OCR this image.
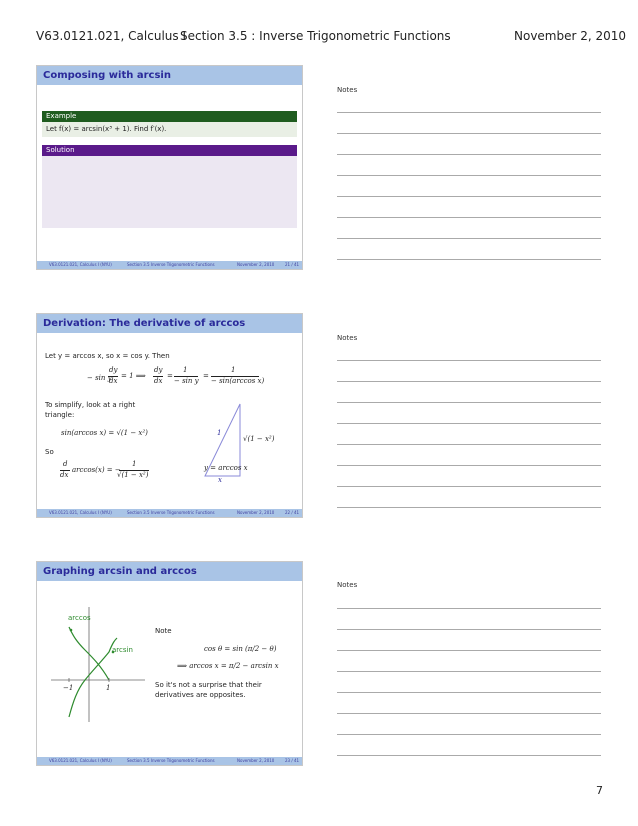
V63.0121.021, Calculus I
Section 3.5 : Inverse Trigonometric Functions	November 2, 2010
Composing with arcsin
Example
Let f(x) = arcsin(x³ + 1). Find f′(x).
Solution
V63.0121.021, Calculus I (NYU)	Section 3.5 Inverse Trigonometric Functions	November 2, 2010	21 / 41
Notes
Derivation: The derivative of arccos
Let y = arccos x, so x = cos y. Then
− sin y
dy
dx
= 1 ⟹
dy
dx
=
1
− sin y
=
1
− sin(arccos x)
To simplify, look at a right
triangle:
sin(arccos x) = √(1 − x²)
So
d
dx
arccos(x) = −
1
√(1 − x²)
1
√(1 − x²)
y = arccos x
x
V63.0121.021, Calculus I (NYU)	Section 3.5 Inverse Trigonometric Functions	November 2, 2010	22 / 41
Notes
Graphing arcsin and arccos
arccos
arcsin
−1	1
Note
cos θ = sin (π/2 − θ)
⟹ arccos x = π/2 − arcsin x
So it's not a surprise that their
derivatives are opposites.
V63.0121.021, Calculus I (NYU)	Section 3.5 Inverse Trigonometric Functions	November 2, 2010	23 / 41
Notes
7
